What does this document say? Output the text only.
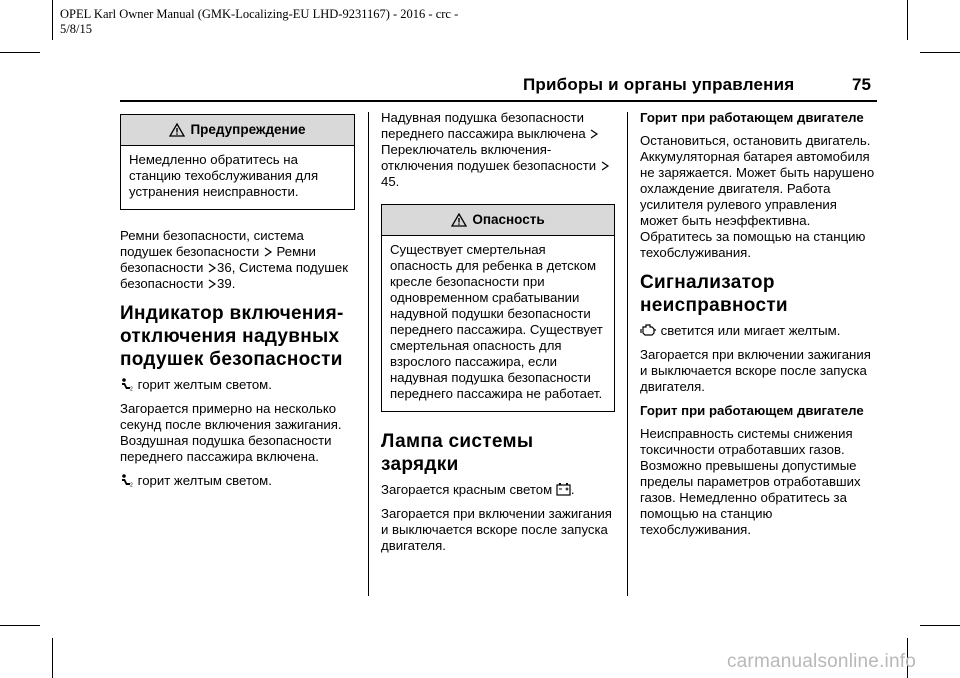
OPEL Karl Owner Manual (GMK-Localizing-EU LHD-9231167) - 2016 - crc -
5/8/15
Приборы и органы управления	75
Предупреждение
Немедленно обратитесь на станцию техобслуживания для устранения неисправности.

Ремни безопасности, система подушек безопасности Ремни безопасности 36, Система подушек безопасности 39.

Индикатор включения-отключения надувных подушек безопасности

2 горит желтым светом.

Загорается примерно на несколько секунд после включения зажигания. Воздушная подушка безопасности переднего пассажира включена.

2 горит желтым светом.

Надувная подушка безопасности переднего пассажира выключена  Переключатель включения-отключения подушек безопасности 45.

Опасность
Существует смертельная опасность для ребенка в детском кресле безопасности при одновременном срабатывании надувной подушки безопасности переднего пассажира. Существует смертельная опасность для взрослого пассажира, если надувная подушка безопасности переднего пассажира не работает.
Лампа системы зарядки

Загорается красным светом .

Загорается при включении зажигания и выключается вскоре после запуска двигателя.

Горит при работающем двигателе

Остановиться, остановить двигатель. Аккумуляторная батарея автомобиля не заряжается. Может быть нарушено охлаждение двигателя. Работа усилителя рулевого управления может быть неэффективна. Обратитесь за помощью на станцию техобслуживания.

Сигнализатор неисправности

светится или мигает желтым.

Загорается при включении зажигания и выключается вскоре после запуска двигателя.

Горит при работающем двигателе

Неисправность системы снижения токсичности отработавших газов. Возможно превышены допустимые пределы параметров отработавших газов. Немедленно обратитесь за помощью на станцию техобслуживания.

carmanualsonline.info
